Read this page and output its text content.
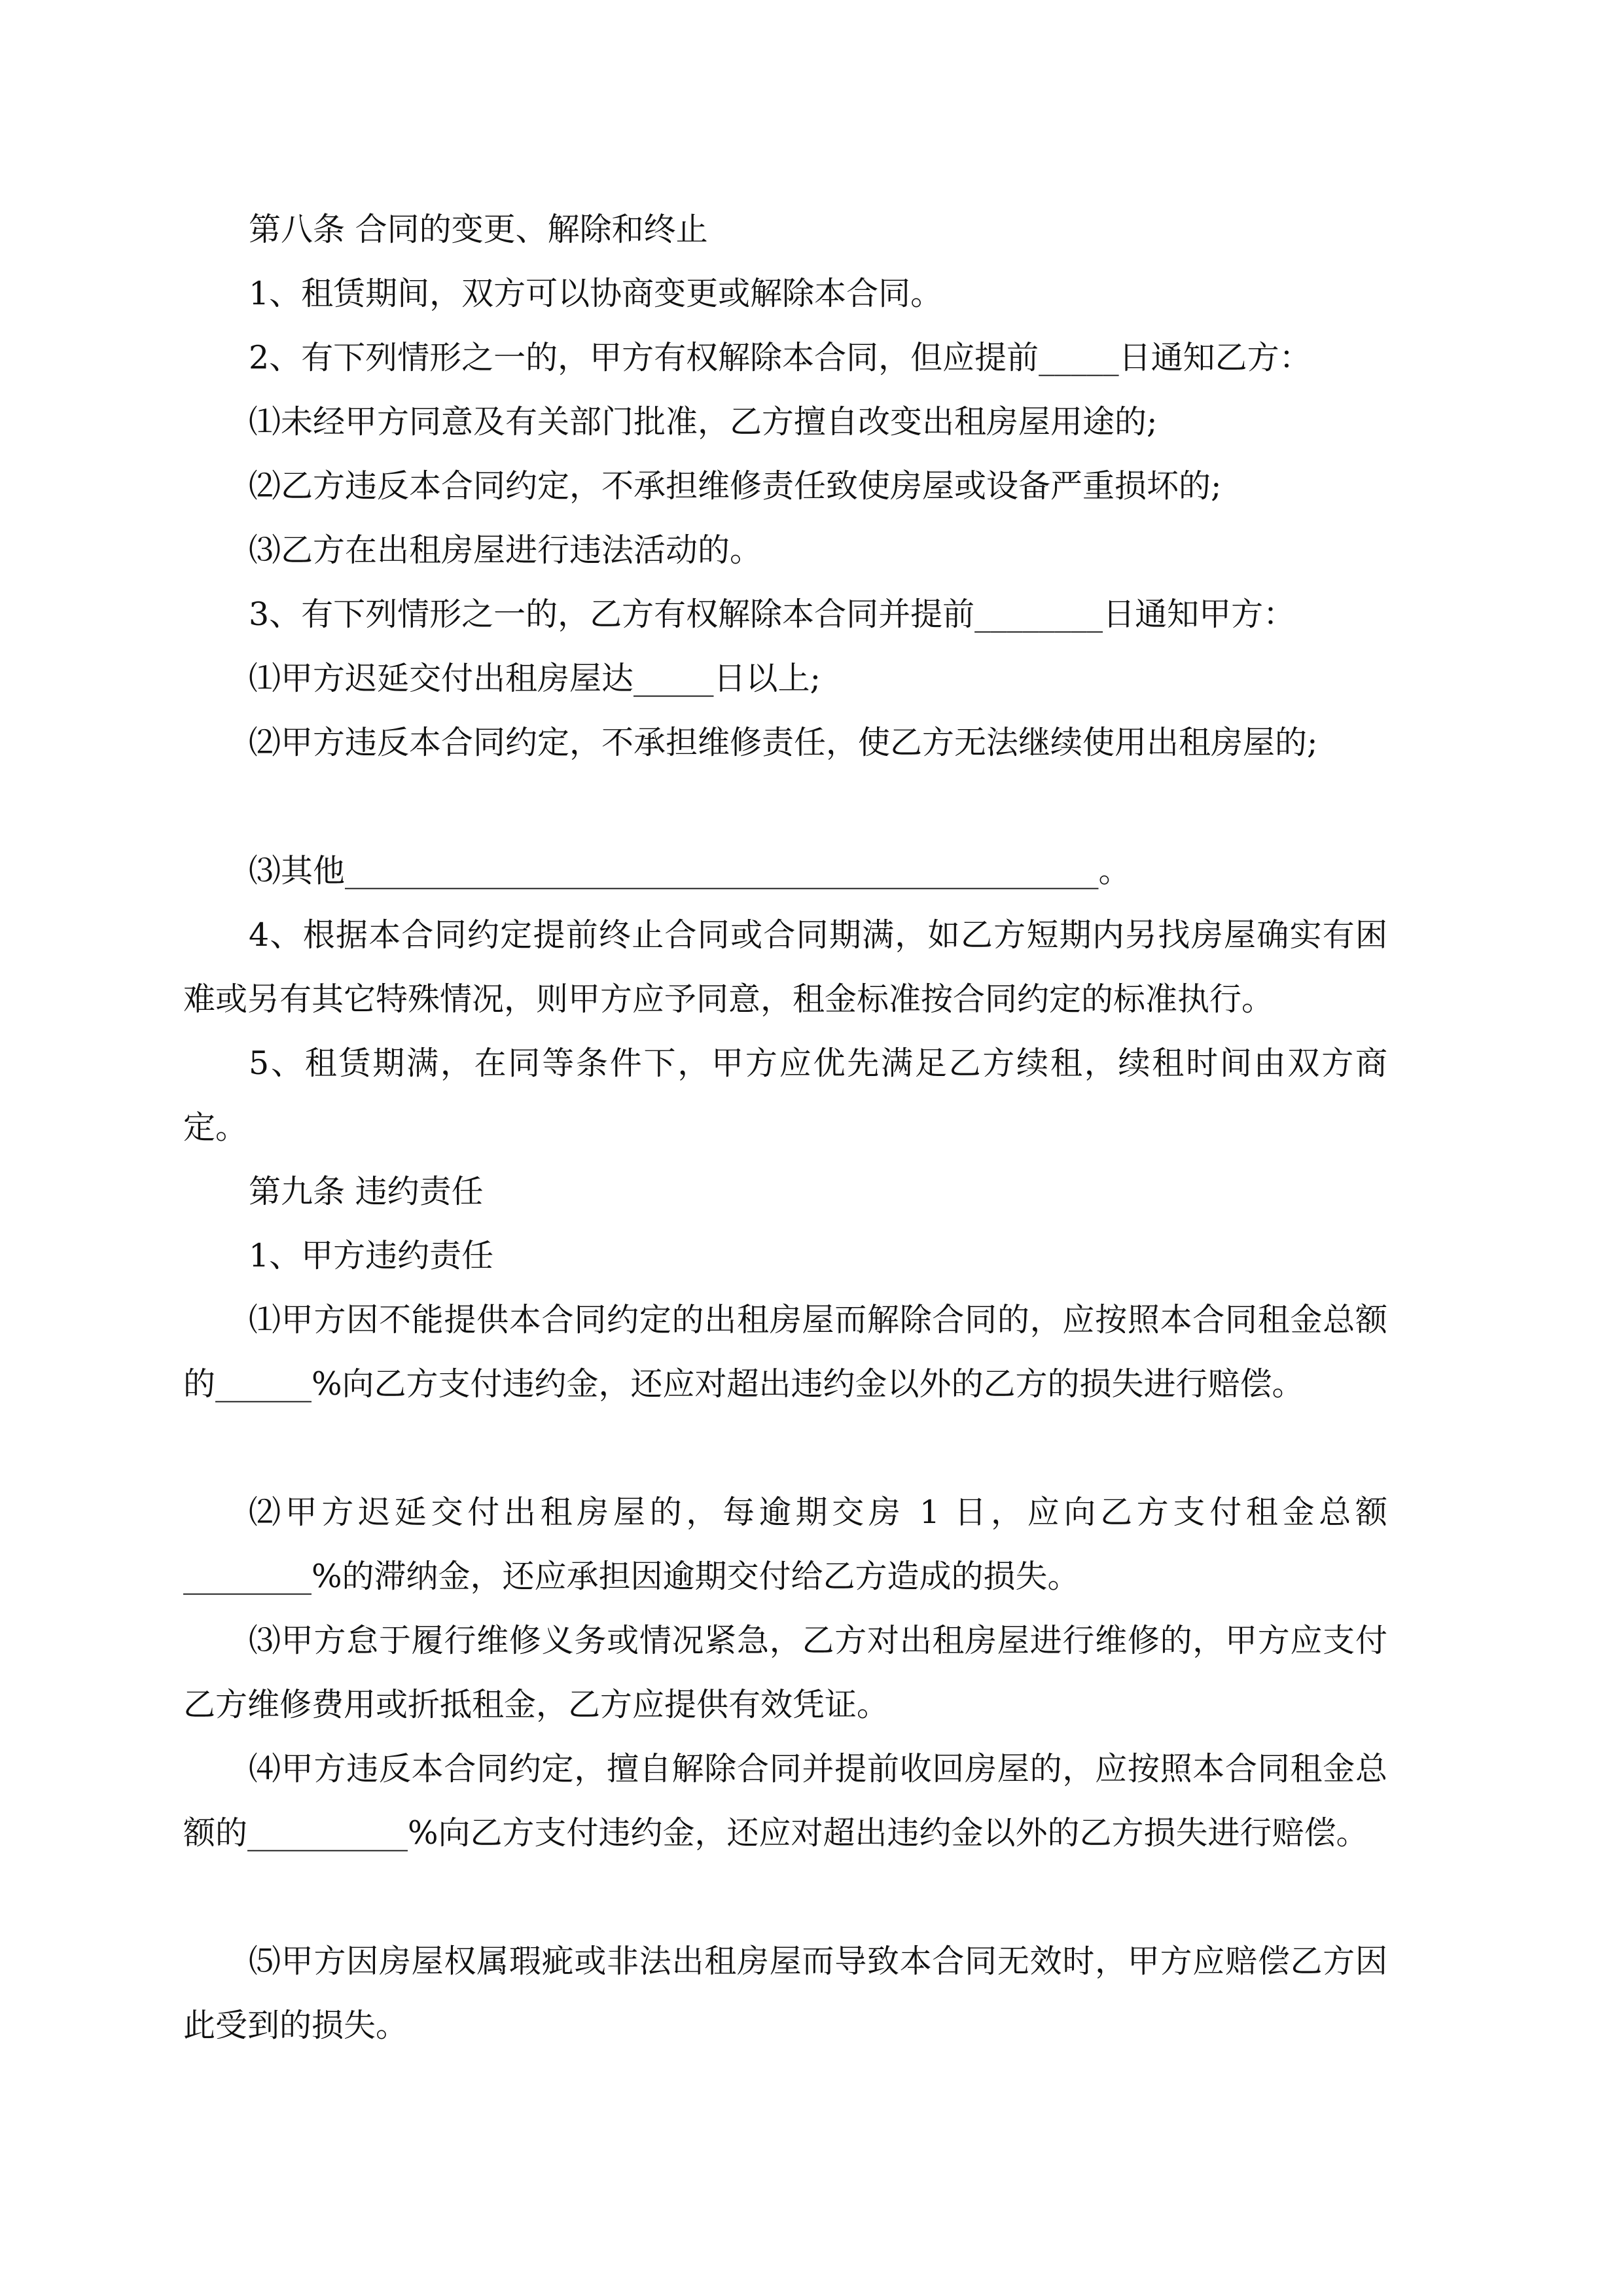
第八条 合同的变更、解除和终止

1、租赁期间，双方可以协商变更或解除本合同。

2、有下列情形之一的，甲方有权解除本合同，但应提前_____日通知乙方：

⑴未经甲方同意及有关部门批准，乙方擅自改变出租房屋用途的;

⑵乙方违反本合同约定，不承担维修责任致使房屋或设备严重损坏的;

⑶乙方在出租房屋进行违法活动的。

3、有下列情形之一的，乙方有权解除本合同并提前________日通知甲方：

⑴甲方迟延交付出租房屋达_____日以上;

⑵甲方违反本合同约定，不承担维修责任，使乙方无法继续使用出租房屋的;

⑶其他_______________________________________________。

4、根据本合同约定提前终止合同或合同期满，如乙方短期内另找房屋确实有困难或另有其它特殊情况，则甲方应予同意，租金标准按合同约定的标准执行。

5、租赁期满，在同等条件下，甲方应优先满足乙方续租，续租时间由双方商定。

第九条 违约责任

1、甲方违约责任

⑴甲方因不能提供本合同约定的出租房屋而解除合同的，应按照本合同租金总额的______%向乙方支付违约金，还应对超出违约金以外的乙方的损失进行赔偿。

⑵甲方迟延交付出租房屋的，每逾期交房 1 日，应向乙方支付租金总额________%的滞纳金，还应承担因逾期交付给乙方造成的损失。

⑶甲方怠于履行维修义务或情况紧急，乙方对出租房屋进行维修的，甲方应支付乙方维修费用或折抵租金，乙方应提供有效凭证。

⑷甲方违反本合同约定，擅自解除合同并提前收回房屋的，应按照本合同租金总额的__________%向乙方支付违约金，还应对超出违约金以外的乙方损失进行赔偿。

⑸甲方因房屋权属瑕疵或非法出租房屋而导致本合同无效时，甲方应赔偿乙方因此受到的损失。
